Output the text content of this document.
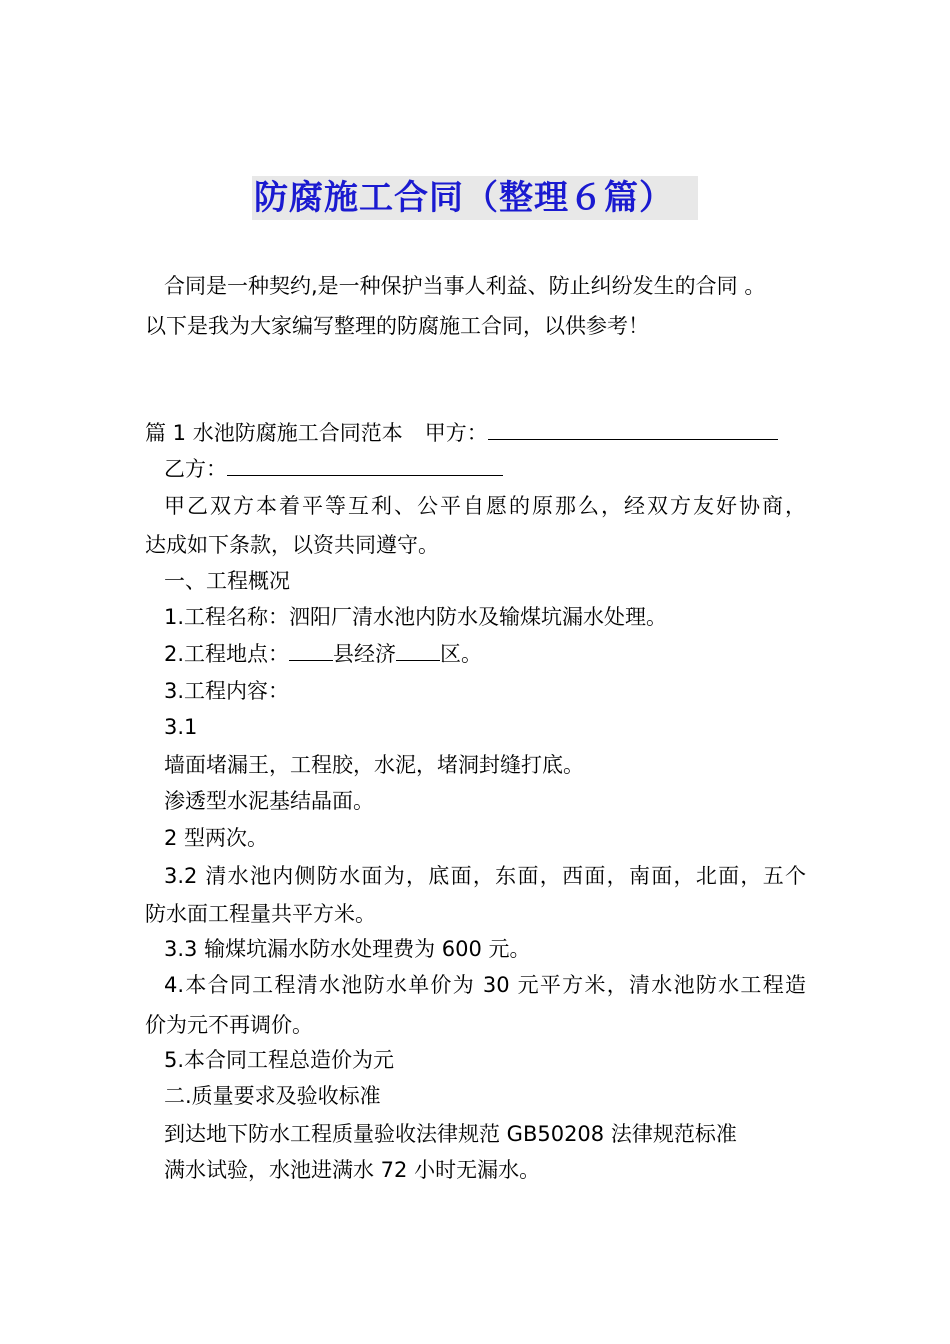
防腐施工合同（整理６篇）
合同是一种契约,是一种保护当事人利益、防止纠纷发生的合同 。
以下是我为大家编写整理的防腐施工合同，以供参考！
篇 1 水池防腐施工合同范本 甲方：
乙方：
甲乙双方本着平等互利、公平自愿的原那么，经双方友好协商，
达成如下条款，以资共同遵守。
一、工程概况
1.工程名称：泗阳厂清水池内防水及输煤坑漏水处理。
2.工程地点： 县经济 区。
3.工程内容：
3.1
墙面堵漏王，工程胶，水泥，堵洞封缝打底。
渗透型水泥基结晶面。
2 型两次。
3.2 清水池内侧防水面为，底面，东面，西面，南面，北面，五个
防水面工程量共平方米。
3.3 输煤坑漏水防水处理费为 600 元。
4.本合同工程清水池防水单价为 30 元平方米，清水池防水工程造
价为元不再调价。
5.本合同工程总造价为元
二.质量要求及验收标准
到达地下防水工程质量验收法律规范 GB50208 法律规范标准
满水试验，水池进满水 72 小时无漏水。
